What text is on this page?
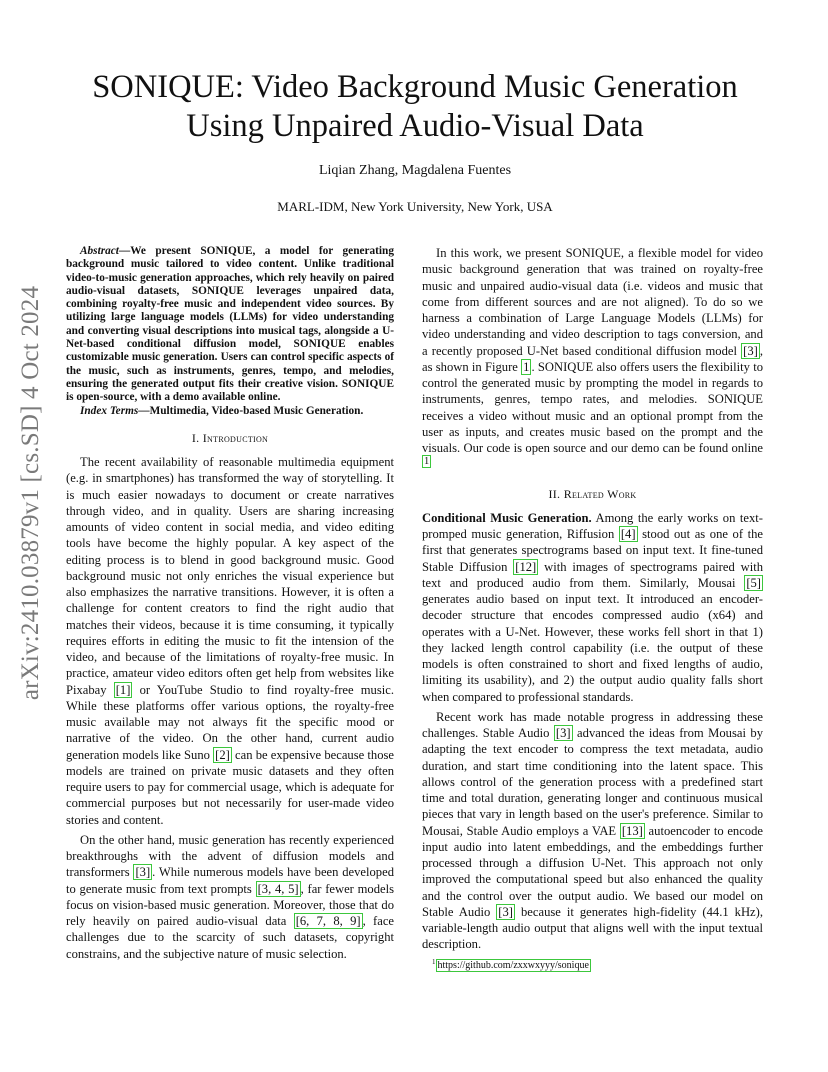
arXiv:2410.03879v1 [cs.SD] 4 Oct 2024
SONIQUE: Video Background Music Generation
Using Unpaired Audio-Visual Data
Liqian Zhang, Magdalena Fuentes
MARL-IDM, New York University, New York, USA

Abstract—We present SONIQUE, a model for generating background music tailored to video content. Unlike traditional video-to-music generation approaches, which rely heavily on paired audio-visual datasets, SONIQUE leverages unpaired data, combining royalty-free music and independent video sources. By utilizing large language models (LLMs) for video understanding and converting visual descriptions into musical tags, alongside a U-Net-based conditional diffusion model, SONIQUE enables customizable music generation. Users can control specific aspects of the music, such as instruments, genres, tempo, and melodies, ensuring the generated output fits their creative vision. SONIQUE is open-source, with a demo available online.

Index Terms—Multimedia, Video-based Music Generation.

I. Introduction

The recent availability of reasonable multimedia equipment (e.g. in smartphones) has transformed the way of storytelling. It is much easier nowadays to document or create narratives through video, and in quality. Users are sharing increasing amounts of video content in social media, and video editing tools have become the highly popular. A key aspect of the editing process is to blend in good background music. Good background music not only enriches the visual experience but also emphasizes the narrative transitions. However, it is often a challenge for content creators to find the right audio that matches their videos, because it is time consuming, it typically requires efforts in editing the music to fit the intension of the video, and because of the limitations of royalty-free music. In practice, amateur video editors often get help from websites like Pixabay [1] or YouTube Studio to find royalty-free music. While these platforms offer various options, the royalty-free music available may not always fit the specific mood or narrative of the video. On the other hand, current audio generation models like Suno [2] can be expensive because those models are trained on private music datasets and they often require users to pay for commercial usage, which is adequate for commercial purposes but not necessarily for user-made video stories and content.

On the other hand, music generation has recently experienced breakthroughs with the advent of diffusion models and transformers [3] . While numerous models have been developed to generate music from text prompts [3, 4, 5] , far fewer models focus on vision-based music generation. Moreover, those that do rely heavily on paired audio-visual data [6, 7, 8, 9] , face challenges due to the scarcity of such datasets, copyright constrains, and the subjective nature of music selection.

In this work, we present SONIQUE, a flexible model for video music background generation that was trained on royalty-free music and unpaired audio-visual data (i.e. videos and music that come from different sources and are not aligned). To do so we harness a combination of Large Language Models (LLMs) for video understanding and video description to tags conversion, and a recently proposed U-Net based conditional diffusion model [3] , as shown in Figure 1 . SONIQUE also offers users the flexibility to control the generated music by prompting the model in regards to instruments, genres, tempo rates, and melodies. SONIQUE receives a video without music and an optional prompt from the user as inputs, and creates music based on the prompt and the visuals. Our code is open source and our demo can be found online $^1$

II. Related Work

Conditional Music Generation. Among the early works on text-promped music generation, Riffusion [4] stood out as one of the first that generates spectrograms based on input text. It fine-tuned Stable Diffusion [12] with images of spectrograms paired with text and produced audio from them. Similarly, Mousai [5] generates audio based on input text. It introduced an encoder-decoder structure that encodes compressed audio (x64) and operates with a U-Net. However, these works fell short in that 1) they lacked length control capability (i.e. the output of these models is often constrained to short and fixed lengths of audio, limiting its usability), and 2) the output audio quality falls short when compared to professional standards.

Recent work has made notable progress in addressing these challenges. Stable Audio [3] advanced the ideas from Mousai by adapting the text encoder to compress the text metadata, audio duration, and start time conditioning into the latent space. This allows control of the generation process with a predefined start time and total duration, generating longer and continuous musical pieces that vary in length based on the user's preference. Similar to Mousai, Stable Audio employs a VAE [13] autoencoder to encode input audio into latent embeddings, and the embeddings further processed through a diffusion U-Net. This approach not only improved the computational speed but also enhanced the quality and the control over the output audio. We based our model on Stable Audio [3] because it generates high-fidelity (44.1 kHz), variable-length audio output that aligns well with the input textual description.

$^1$ https://github.com/zxxwxyyy/sonique
